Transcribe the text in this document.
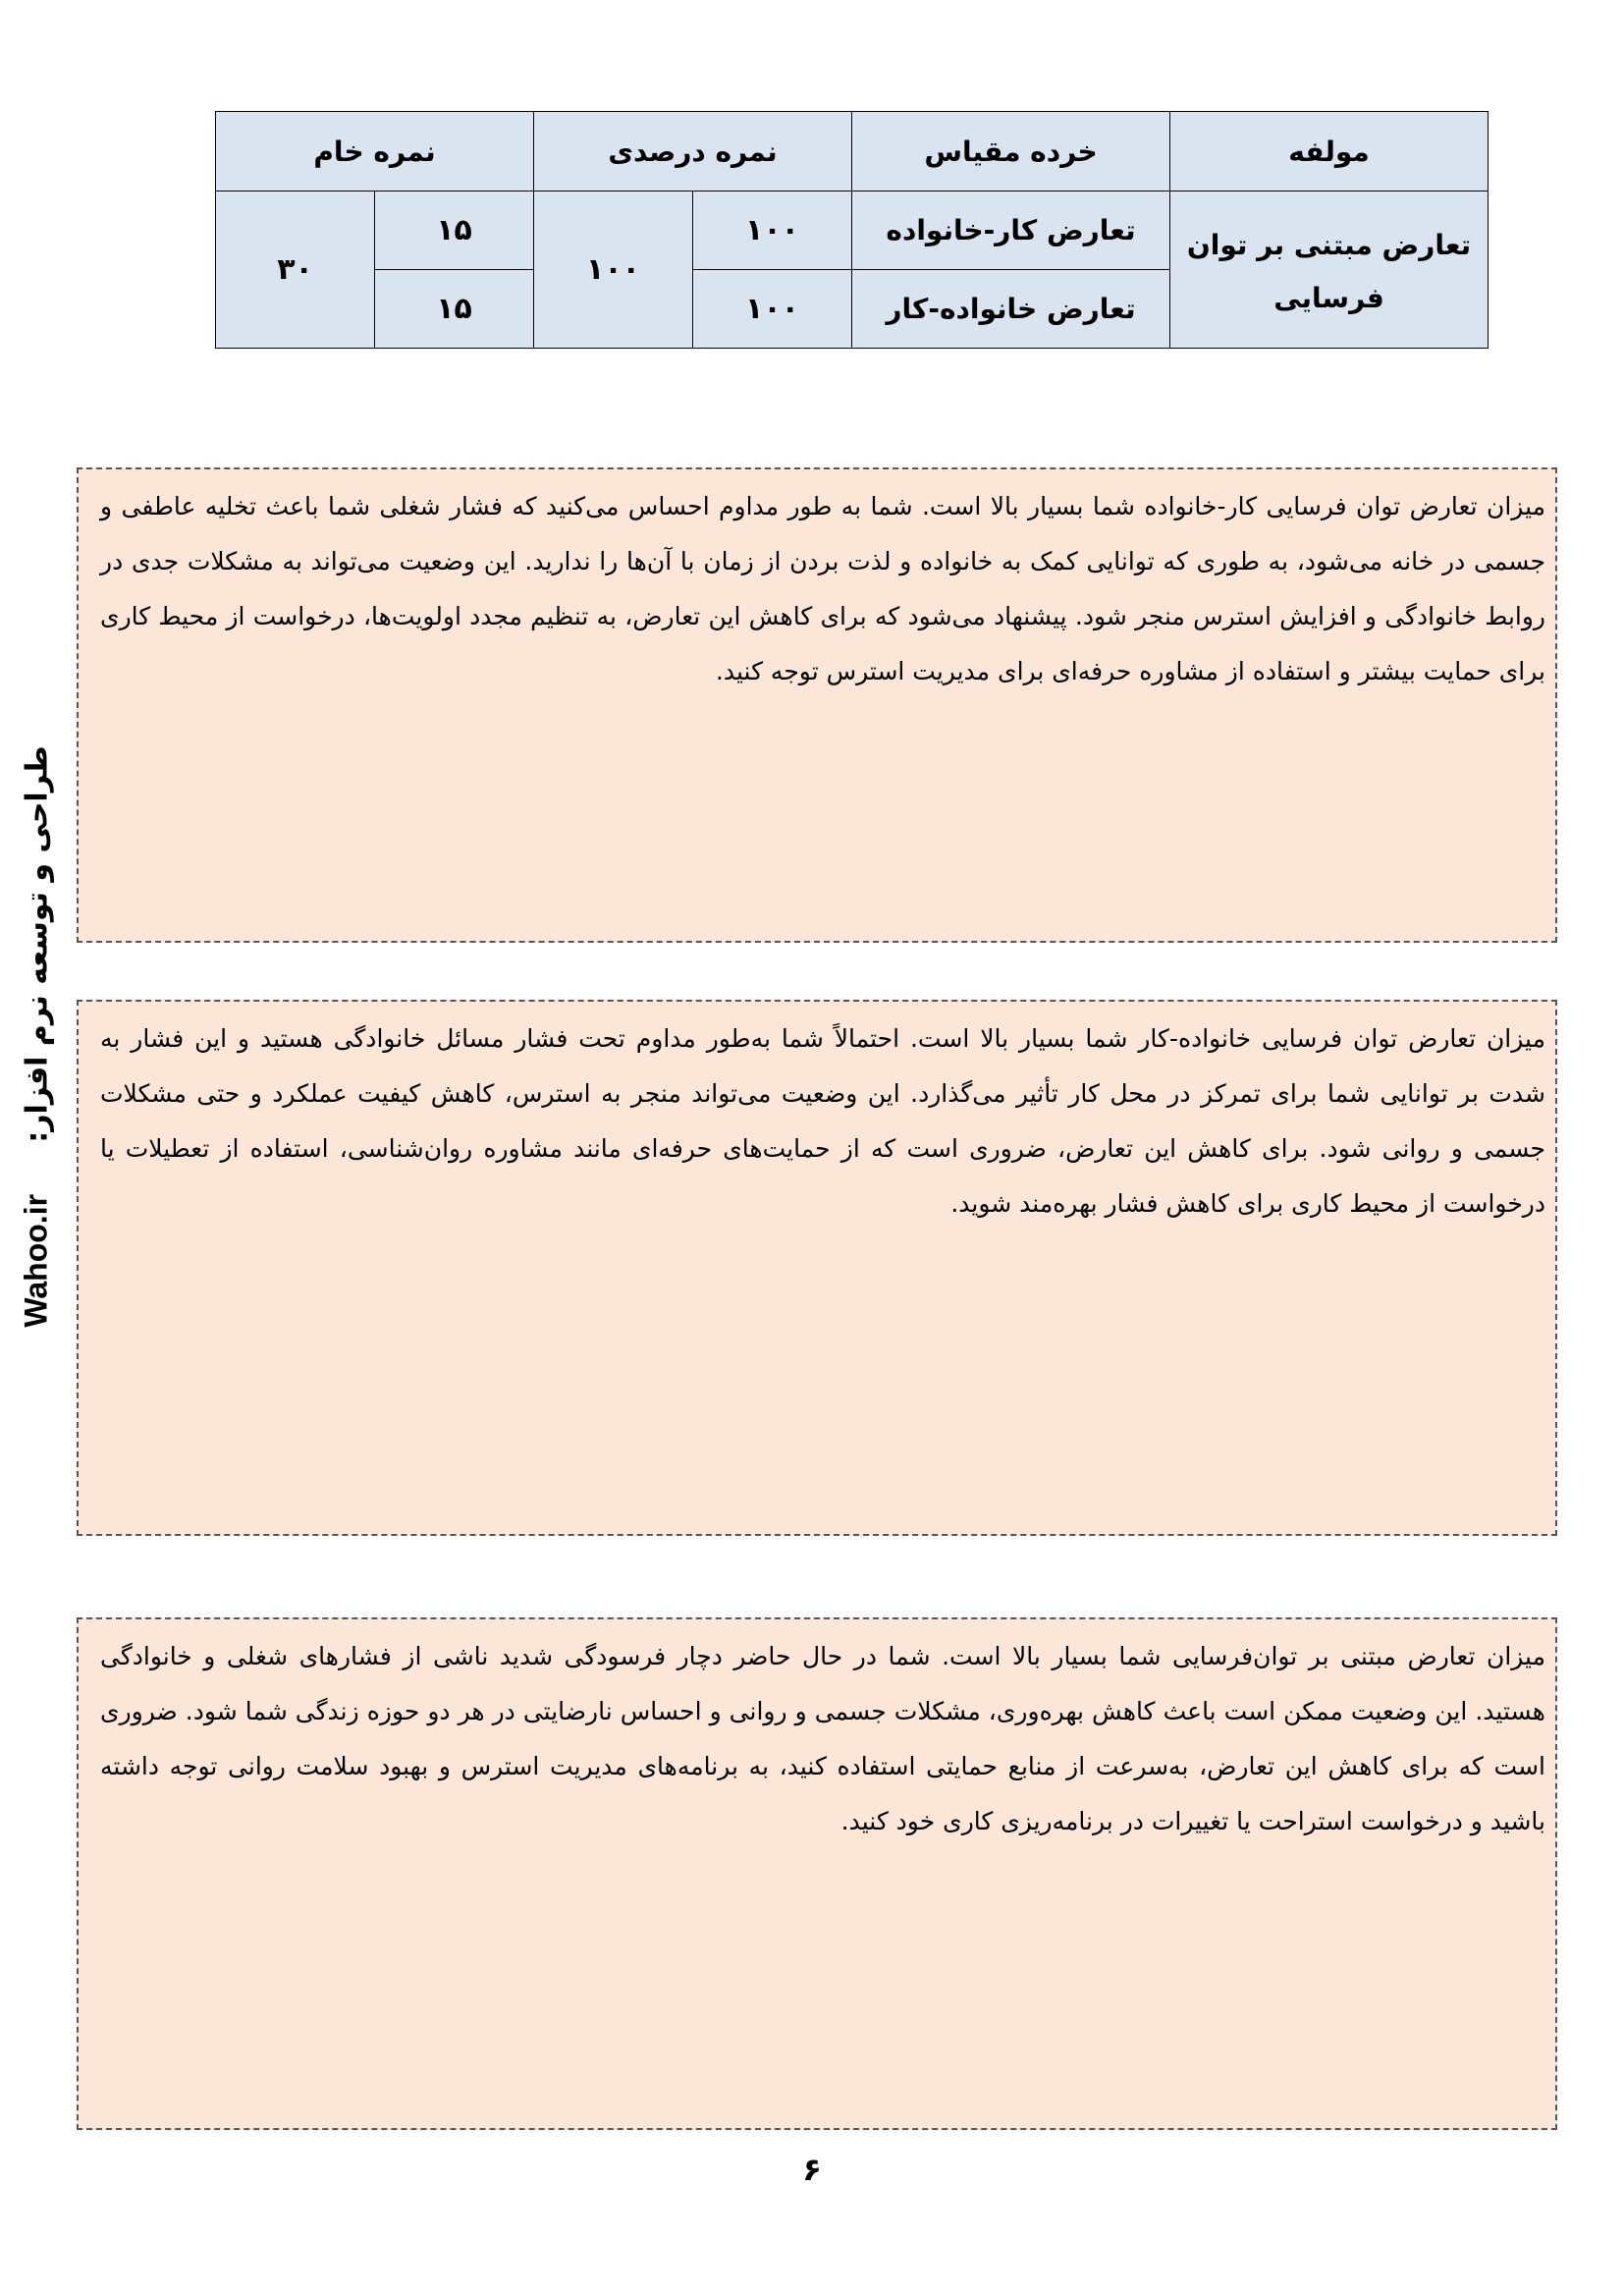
مولفه	خرده مقیاس	نمره درصدی		نمره خام	
تعارض مبتنی بر توان فرسایی	تعارض کار-خانواده	۱۰۰	۱۰۰	۱۵	۳۰
	تعارض خانواده-کار	۱۰۰		۱۵	

میزان تعارض توان فرسایی کار-خانواده شما بسیار بالا است. شما به طور مداوم احساس می‌کنید که فشار شغلی شما باعث تخلیه عاطفی و جسمی در خانه می‌شود، به طوری که توانایی کمک به خانواده و لذت بردن از زمان با آن‌ها را ندارید. این وضعیت می‌تواند به مشکلات جدی در روابط خانوادگی و افزایش استرس منجر شود. پیشنهاد می‌شود که برای کاهش این تعارض، به تنظیم مجدد اولویت‌ها، درخواست از محیط کاری برای حمایت بیشتر و استفاده از مشاوره حرفه‌ای برای مدیریت استرس توجه کنید.

میزان تعارض توان فرسایی خانواده-کار شما بسیار بالا است. احتمالاً شما به‌طور مداوم تحت فشار مسائل خانوادگی هستید و این فشار به شدت بر توانایی شما برای تمرکز در محل کار تأثیر می‌گذارد. این وضعیت می‌تواند منجر به استرس، کاهش کیفیت عملکرد و حتی مشکلات جسمی و روانی شود. برای کاهش این تعارض، ضروری است که از حمایت‌های حرفه‌ای مانند مشاوره روان‌شناسی، استفاده از تعطیلات یا درخواست از محیط کاری برای کاهش فشار بهره‌مند شوید.

میزان تعارض مبتنی بر توان‌فرسایی شما بسیار بالا است. شما در حال حاضر دچار فرسودگی شدید ناشی از فشارهای شغلی و خانوادگی هستید. این وضعیت ممکن است باعث کاهش بهره‌وری، مشکلات جسمی و روانی و احساس نارضایتی در هر دو حوزه زندگی شما شود. ضروری است که برای کاهش این تعارض، به‌سرعت از منابع حمایتی استفاده کنید، به برنامه‌های مدیریت استرس و بهبود سلامت روانی توجه داشته باشید و درخواست استراحت یا تغییرات در برنامه‌ریزی کاری خود کنید.

طراحی و توسعه نرم افزار:     Wahoo.ir
۶
